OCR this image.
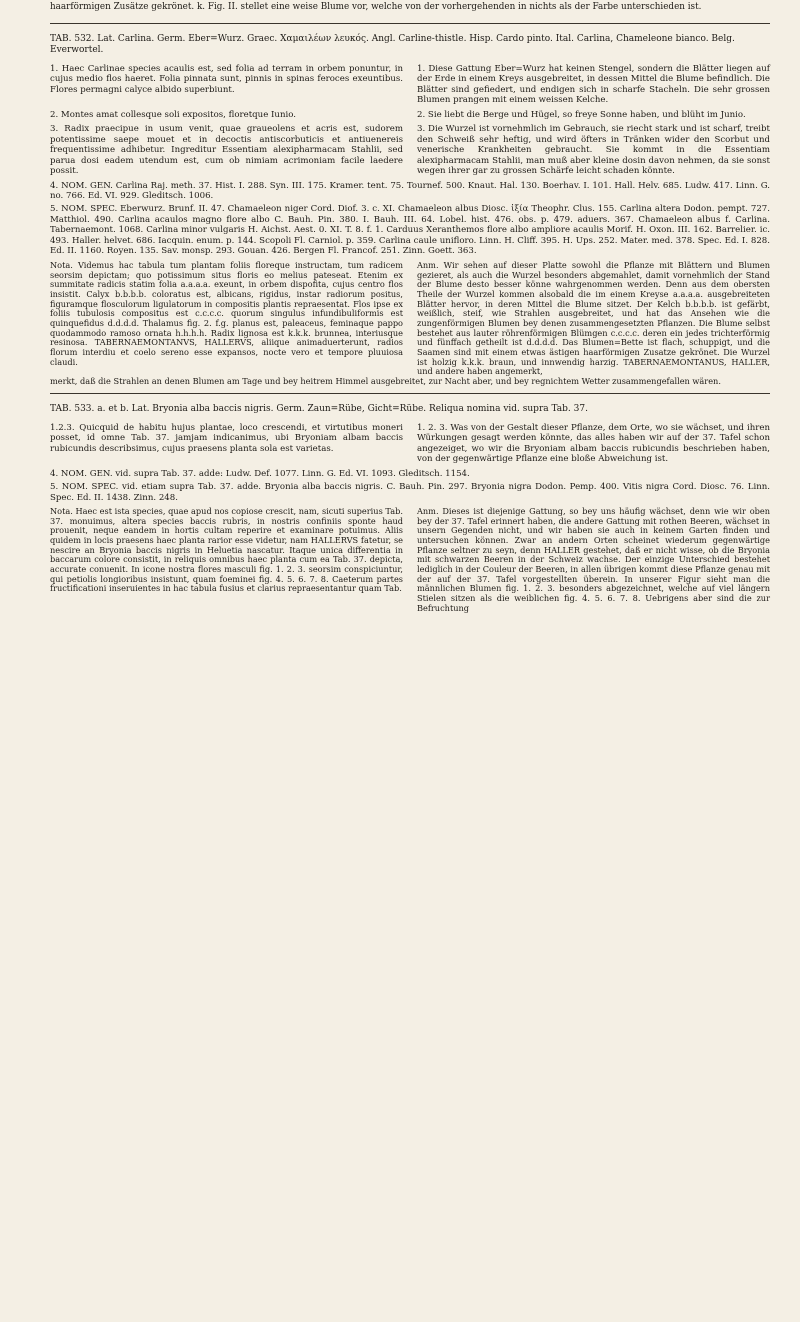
haarförmigen Zusätze gekrönet. k. Fig. II. stellet eine weise Blume vor, welche von der vorhergehenden in nichts als der Farbe unterschieden ist.

TAB. 532. Lat. Carlina. Germ. Eber=Wurz. Graec. Χαμαιλέων λευκός. Angl. Carline-thistle. Hisp. Cardo pinto. Ital. Carlina, Chameleone bianco. Belg. Everwortel.

1. Haec Carlinae species acaulis est, sed folia ad terram in orbem ponuntur, in cujus medio flos haeret. Folia pinnata sunt, pinnis in spinas feroces exeuntibus. Flores permagni calyce albido superbiunt.

1. Diese Gattung Eber=Wurz hat keinen Stengel, sondern die Blätter liegen auf der Erde in einem Kreys ausgebreitet, in dessen Mittel die Blume befindlich. Die Blätter sind gefiedert, und endigen sich in scharfe Stacheln. Die sehr grossen Blumen prangen mit einem weissen Kelche.

2. Montes amat collesque soli expositos, floretque Iunio.	2. Sie liebt die Berge und Hügel, so freye Sonne haben, und blüht im Junio.

3. Radix praecipue in usum venit, quae graueolens et acris est, sudorem potentissime saepe mouet et in decoctis antiscorbuticis et antiuenereis frequentissime adhibetur. Ingreditur Essentiam alexipharmacam Stahlii, sed parua dosi eadem utendum est, cum ob nimiam acrimoniam facile laedere possit.

3. Die Wurzel ist vornehmlich im Gebrauch, sie riecht stark und ist scharf, treibt den Schweiß sehr heftig, und wird öfters in Tränken wider den Scorbut und venerische Krankheiten gebraucht. Sie kommt in die Essentiam alexipharmacam Stahlii, man muß aber kleine dosin davon nehmen, da sie sonst wegen ihrer gar zu grossen Schärfe leicht schaden könnte.

4. NOM. GEN. Carlina Raj. meth. 37. Hist. I. 288. Syn. III. 175. Kramer. tent. 75. Tournef. 500. Knaut. Hal. 130. Boerhav. I. 101. Hall. Helv. 685. Ludw. 417. Linn. G. no. 766. Ed. VI. 929. Gleditsch. 1006.

5. NOM. SPEC. Eberwurz. Brunf. II. 47. Chamaeleon niger Cord. Diof. 3. c. XI. Chamaeleon albus Diosc. ἰξία Theophr. Clus. 155. Carlina altera Dodon. pempt. 727. Matthiol. 490. Carlina acaulos magno flore albo C. Bauh. Pin. 380. I. Bauh. III. 64. Lobel. hist. 476. obs. p. 479. aduers. 367. Chamaeleon albus f. Carlina. Tabernaemont. 1068. Carlina minor vulgaris H. Aichst. Aest. 0. XI. T. 8. f. 1. Carduus Xeranthemos flore albo ampliore acaulis Morif. H. Oxon. III. 162. Barrelier. ic. 493. Haller. helvet. 686. Iacquin. enum. p. 144. Scopoli Fl. Carniol. p. 359. Carlina caule unifloro. Linn. H. Cliff. 395. H. Ups. 252. Mater. med. 378. Spec. Ed. I. 828. Ed. II. 1160. Royen. 135. Sav. monsp. 293. Gouan. 426. Bergen Fl. Francof. 251. Zinn. Goett. 363.

Nota. Videmus hac tabula tum plantam foliis floreque instructam, tum radicem seorsim depictam; quo potissimum situs floris eo melius pateseat. Etenim ex summitate radicis statim folia a.a.a.a. exeunt, in orbem dispofita, cujus centro flos insistit. Calyx b.b.b.b. coloratus est, albicans, rigidus, instar radiorum positus, figuramque flosculorum ligulatorum in compositis plantis repraesentat. Flos ipse ex foliis tubulosis compositus est c.c.c.c. quorum singulus infundibuliformis est quinquefidus d.d.d.d. Thalamus fig. 2. f.g. planus est, paleaceus, feminaque pappo quodammodo ramoso ornata h.h.h.h. Radix lignosa est k.k.k. brunnea, interiusque resinosa. TABERNAEMONTANVS, HALLERVS, aliique animaduerterunt, radios florum interdiu et coelo sereno esse expansos, nocte vero et tempore pluuiosa claudi.

Anm. Wir sehen auf dieser Platte sowohl die Pflanze mit Blättern und Blumen gezieret, als auch die Wurzel besonders abgemahlet, damit vornehmlich der Stand der Blume desto besser könne wahrgenommen werden. Denn aus dem obersten Theile der Wurzel kommen alsobald die im einem Kreyse a.a.a.a. ausgebreiteten Blätter hervor, in deren Mittel die Blume sitzet. Der Kelch b.b.b.b. ist gefärbt, weißlich, steif, wie Strahlen ausgebreitet, und hat das Ansehen wie die zungenförmigen Blumen bey denen zusammengesetzten Pflanzen. Die Blume selbst bestehet aus lauter röhrenförmigen Blümgen c.c.c.c. deren ein jedes trichterförmig und fünffach getheilt ist d.d.d.d. Das Blumen=Bette ist flach, schuppigt, und die Saamen sind mit einem etwas ästigen haarförmigen Zusatze gekrönet. Die Wurzel ist holzig k.k.k. braun, und innwendig harzig. TABERNAEMONTANUS, HALLER, und andere haben angemerkt,

merkt, daß die Strahlen an denen Blumen am Tage und bey heitrem Himmel ausgebreitet, zur Nacht aber, und bey regnichtem Wetter zusammengefallen wären.

TAB. 533. a. et b. Lat. Bryonia alba baccis nigris. Germ. Zaun=Rübe, Gicht=Rübe. Reliqua nomina vid. supra Tab. 37.

1.2.3. Quicquid de habitu hujus plantae, loco crescendi, et virtutibus moneri posset, id omne Tab. 37. jamjam indicanimus, ubi Bryoniam albam baccis rubicundis describsimus, cujus praesens planta sola est varietas.

1. 2. 3. Was von der Gestalt dieser Pflanze, dem Orte, wo sie wächset, und ihren Würkungen gesagt werden könnte, das alles haben wir auf der 37. Tafel schon angezeiget, wo wir die Bryoniam albam baccis rubicundis beschrieben haben, von der gegenwärtige Pflanze eine bloße Abweichung ist.

4. NOM. GEN. vid. supra Tab. 37. adde: Ludw. Def. 1077. Linn. G. Ed. VI. 1093. Gleditsch. 1154.

5. NOM. SPEC. vid. etiam supra Tab. 37. adde. Bryonia alba baccis nigris. C. Bauh. Pin. 297. Bryonia nigra Dodon. Pemp. 400. Vitis nigra Cord. Diosc. 76. Linn. Spec. Ed. II. 1438. Zinn. 248.

Nota. Haec est ista species, quae apud nos copiose crescit, nam, sicuti superius Tab. 37. monuimus, altera species baccis rubris, in nostris confiniis sponte haud prouenit, neque eandem in hortis cultam reperire et examinare potuimus. Aliis quidem in locis praesens haec planta rarior esse videtur, nam HALLERVS fatetur, se nescire an Bryonia baccis nigris in Heluetia nascatur. Itaque unica differentia in baccarum colore consistit, in reliquis omnibus haec planta cum ea Tab. 37. depicta, accurate conuenit. In icone nostra flores masculi fig. 1. 2. 3. seorsim conspiciuntur, qui petiolis longioribus insistunt, quam foeminei fig. 4. 5. 6. 7. 8. Caeterum partes fructificationi inseruientes in hac tabula fusius et clarius repraesentantur quam Tab.

Anm. Dieses ist diejenige Gattung, so bey uns häufig wächset, denn wie wir oben bey der 37. Tafel erinnert haben, die andere Gattung mit rothen Beeren, wächset in unsern Gegenden nicht, und wir haben sie auch in keinem Garten finden und untersuchen können. Zwar an andern Orten scheinet wiederum gegenwärtige Pflanze seltner zu seyn, denn HALLER gestehet, daß er nicht wisse, ob die Bryonia mit schwarzen Beeren in der Schweiz wachse. Der einzige Unterschied bestehet lediglich in der Couleur der Beeren, in allen übrigen kommt diese Pflanze genau mit der auf der 37. Tafel vorgestellten überein. In unserer Figur sieht man die männlichen Blumen fig. 1. 2. 3. besonders abgezeichnet, welche auf viel längern Stielen sitzen als die weiblichen fig. 4. 5. 6. 7. 8. Uebrigens aber sind die zur Befruchtung
